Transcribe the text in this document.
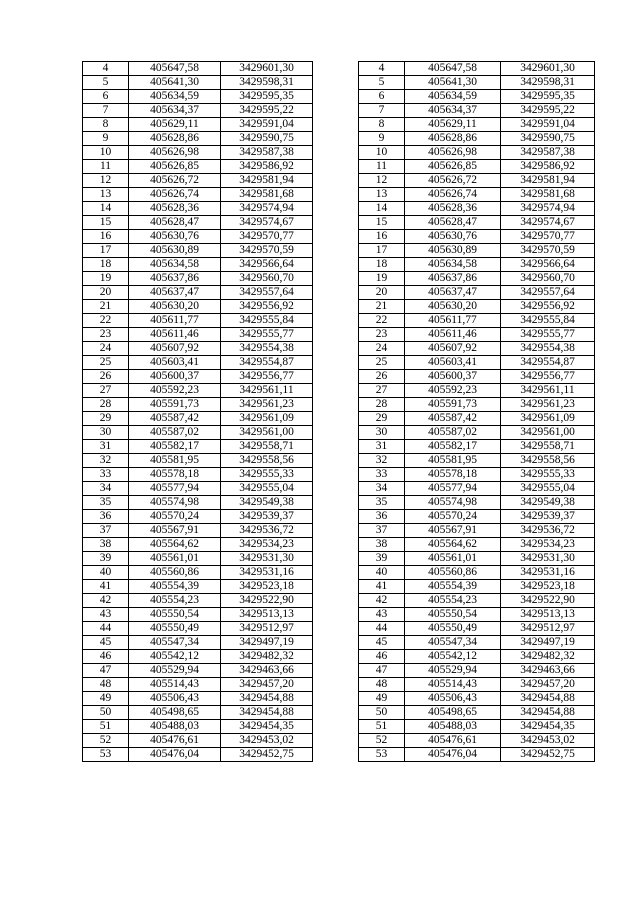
4	405647,58	3429601,30		4	405647,58	3429601,30
5	405641,30	3429598,31		5	405641,30	3429598,31
6	405634,59	3429595,35		6	405634,59	3429595,35
7	405634,37	3429595,22		7	405634,37	3429595,22
8	405629,11	3429591,04		8	405629,11	3429591,04
9	405628,86	3429590,75		9	405628,86	3429590,75
10	405626,98	3429587,38		10	405626,98	3429587,38
11	405626,85	3429586,92		11	405626,85	3429586,92
12	405626,72	3429581,94		12	405626,72	3429581,94
13	405626,74	3429581,68		13	405626,74	3429581,68
14	405628,36	3429574,94		14	405628,36	3429574,94
15	405628,47	3429574,67		15	405628,47	3429574,67
16	405630,76	3429570,77		16	405630,76	3429570,77
17	405630,89	3429570,59		17	405630,89	3429570,59
18	405634,58	3429566,64		18	405634,58	3429566,64
19	405637,86	3429560,70		19	405637,86	3429560,70
20	405637,47	3429557,64		20	405637,47	3429557,64
21	405630,20	3429556,92		21	405630,20	3429556,92
22	405611,77	3429555,84		22	405611,77	3429555,84
23	405611,46	3429555,77		23	405611,46	3429555,77
24	405607,92	3429554,38		24	405607,92	3429554,38
25	405603,41	3429554,87		25	405603,41	3429554,87
26	405600,37	3429556,77		26	405600,37	3429556,77
27	405592,23	3429561,11		27	405592,23	3429561,11
28	405591,73	3429561,23		28	405591,73	3429561,23
29	405587,42	3429561,09		29	405587,42	3429561,09
30	405587,02	3429561,00		30	405587,02	3429561,00
31	405582,17	3429558,71		31	405582,17	3429558,71
32	405581,95	3429558,56		32	405581,95	3429558,56
33	405578,18	3429555,33		33	405578,18	3429555,33
34	405577,94	3429555,04		34	405577,94	3429555,04
35	405574,98	3429549,38		35	405574,98	3429549,38
36	405570,24	3429539,37		36	405570,24	3429539,37
37	405567,91	3429536,72		37	405567,91	3429536,72
38	405564,62	3429534,23		38	405564,62	3429534,23
39	405561,01	3429531,30		39	405561,01	3429531,30
40	405560,86	3429531,16		40	405560,86	3429531,16
41	405554,39	3429523,18		41	405554,39	3429523,18
42	405554,23	3429522,90		42	405554,23	3429522,90
43	405550,54	3429513,13		43	405550,54	3429513,13
44	405550,49	3429512,97		44	405550,49	3429512,97
45	405547,34	3429497,19		45	405547,34	3429497,19
46	405542,12	3429482,32		46	405542,12	3429482,32
47	405529,94	3429463,66		47	405529,94	3429463,66
48	405514,43	3429457,20		48	405514,43	3429457,20
49	405506,43	3429454,88		49	405506,43	3429454,88
50	405498,65	3429454,88		50	405498,65	3429454,88
51	405488,03	3429454,35		51	405488,03	3429454,35
52	405476,61	3429453,02		52	405476,61	3429453,02
53	405476,04	3429452,75		53	405476,04	3429452,75
